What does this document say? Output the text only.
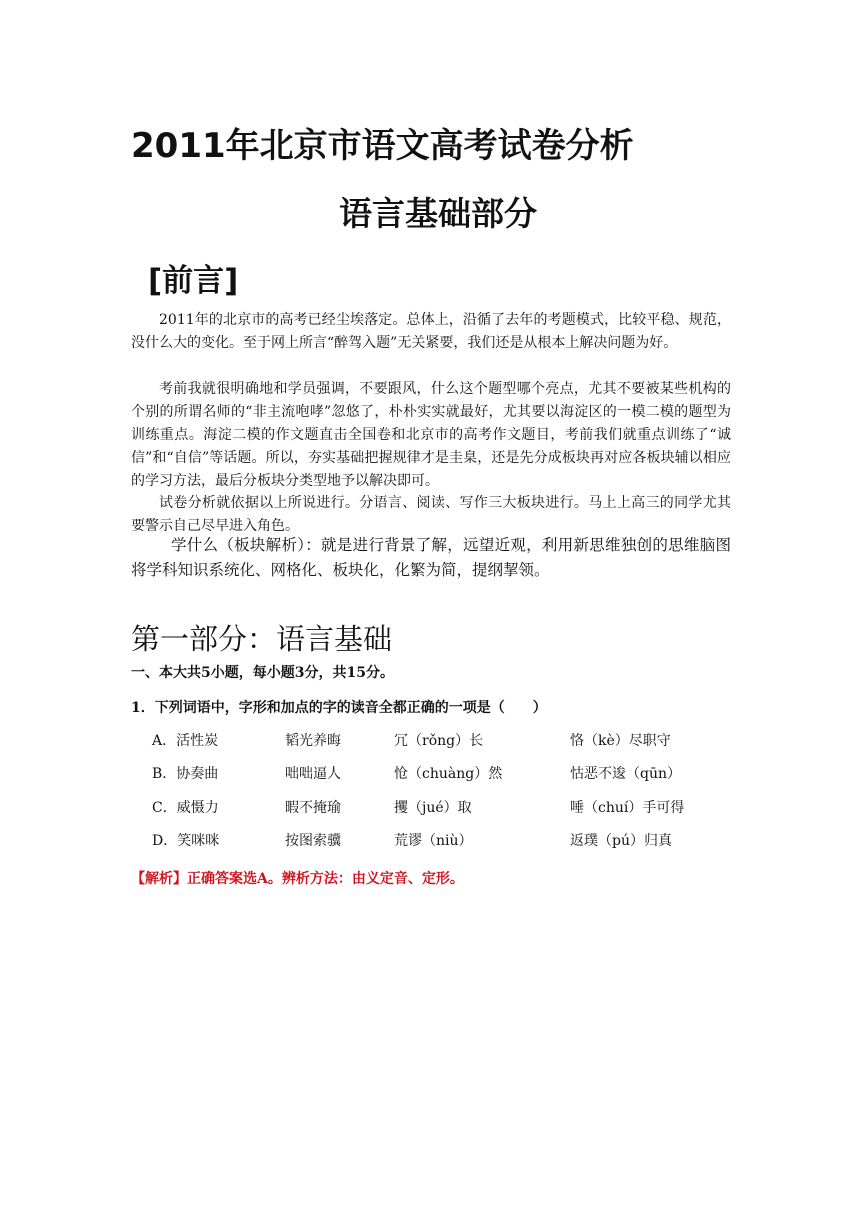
2011年北京市语文高考试卷分析
语言基础部分
[前言]

2011年的北京市的高考已经尘埃落定。总体上，沿循了去年的考题模式，比较平稳、规范，没什么大的变化。至于网上所言“醉驾入题”无关紧要，我们还是从根本上解决问题为好。

考前我就很明确地和学员强调，不要跟风，什么这个题型哪个亮点，尤其不要被某些机构的个别的所谓名师的“非主流咆哮”忽悠了，朴朴实实就最好，尤其要以海淀区的一模二模的题型为训练重点。海淀二模的作文题直击全国卷和北京市的高考作文题目，考前我们就重点训练了“诚信”和“自信”等话题。所以，夯实基础把握规律才是圭臬，还是先分成板块再对应各板块辅以相应的学习方法，最后分板块分类型地予以解决即可。

试卷分析就依据以上所说进行。分语言、阅读、写作三大板块进行。马上上高三的同学尤其要警示自己尽早进入角色。

学什么（板块解析）：就是进行背景了解，远望近观，利用新思维独创的思维脑图将学科知识系统化、网格化、板块化，化繁为简，提纲挈领。

第一部分：语言基础
一、本大共5小题，每小题3分，共15分。
1．下列词语中，字形和加点的字的读音全都正确的一项是（　　）
A．活性炭	韬光养晦	冗（rǒng）长	恪（kè）尽职守
B．协奏曲	咄咄逼人	怆（chuàng）然	怙恶不逡（qūn）
C．威慑力	暇不掩瑜	攫（jué）取	唾（chuí）手可得
D．笑咪咪	按图索骥	荒谬（niù）	返璞（pú）归真
【解析】正确答案选A。辨析方法：由义定音、定形。
